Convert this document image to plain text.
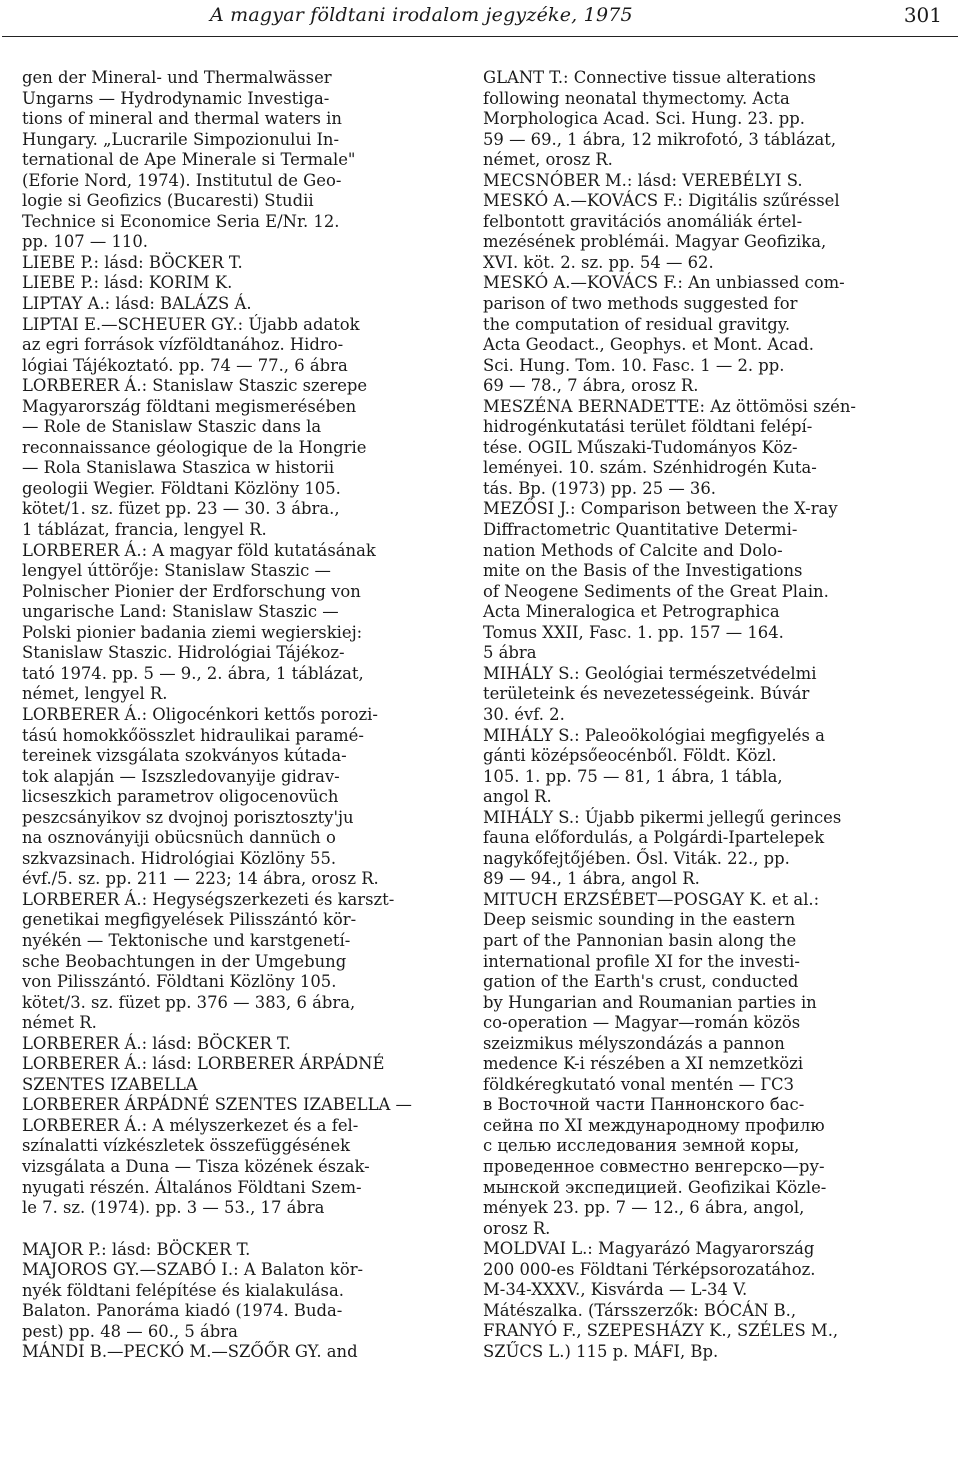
A magyar földtani irodalom jegyzéke, 1975	301
gen der Mineral- und Thermalwässer
Ungarns — Hydrodynamic Investiga-
tions of mineral and thermal waters in
Hungary. „Lucrarile Simpozionului In-
ternational de Ape Minerale si Termale"
(Eforie Nord, 1974). Institutul de Geo-
logie si Geofizics (Bucaresti) Studii
Technice si Economice Seria E/Nr. 12.
pp. 107 — 110.
LIEBE P.: lásd: BÖCKER T.
LIEBE P.: lásd: KORIM K.
LIPTAY A.: lásd: BALÁZS Á.
LIPTAI E.—SCHEUER GY.: Újabb adatok
az egri források vízföldtanához. Hidro-
lógiai Tájékoztató. pp. 74 — 77., 6 ábra
LORBERER Á.: Stanislaw Staszic szerepe
Magyarország földtani megismerésében
— Role de Stanislaw Staszic dans la
reconnaissance géologique de la Hongrie
— Rola Stanislawa Staszica w historii
geologii Wegier. Földtani Közlöny 105.
kötet/1. sz. füzet pp. 23 — 30. 3 ábra.,
1 táblázat, francia, lengyel R.
LORBERER Á.: A magyar föld kutatásának
lengyel úttörője: Stanislaw Staszic —
Polnischer Pionier der Erdforschung von
ungarische Land: Stanislaw Staszic —
Polski pionier badania ziemi wegierskiej:
Stanislaw Staszic. Hidrológiai Tájékoz-
tató 1974. pp. 5 — 9., 2. ábra, 1 táblázat,
német, lengyel R.
LORBERER Á.: Oligocénkori kettős porozi-
tású homokkőösszlet hidraulikai paramé-
tereinek vizsgálata szokványos kútada-
tok alapján — Iszszledovanyije gidrav-
licseszkich parametrov oligocenovüch
peszcsányikov sz dvojnoj porisztoszty'ju
na osznoványiji obücsnüch dannüch o
szkvazsinach. Hidrológiai Közlöny 55.
évf./5. sz. pp. 211 — 223; 14 ábra, orosz R.
LORBERER Á.: Hegységszerkezeti és karszt-
genetikai megfigyelések Pilisszántó kör-
nyékén — Tektonische und karstgenetí-
sche Beobachtungen in der Umgebung
von Pilisszántó. Földtani Közlöny 105.
kötet/3. sz. füzet pp. 376 — 383, 6 ábra,
német R.
LORBERER Á.: lásd: BÖCKER T.
LORBERER Á.: lásd: LORBERER ÁRPÁDNÉ
SZENTES IZABELLA
LORBERER ÁRPÁDNÉ SZENTES IZABELLA —
LORBERER Á.: A mélyszerkezet és a fel-
színalatti vízkészletek összefüggésének
vizsgálata a Duna — Tisza közének észak-
nyugati részén. Általános Földtani Szem-
le 7. sz. (1974). pp. 3 — 53., 17 ábra
MAJOR P.: lásd: BÖCKER T.
MAJOROS GY.—SZABÓ I.: A Balaton kör-
nyék földtani felépítése és kialakulása.
Balaton. Panoráma kiadó (1974. Buda-
pest) pp. 48 — 60., 5 ábra
MÁNDI B.—PECKÓ M.—SZŐŐR GY. and
GLANT T.: Connective tissue alterations
following neonatal thymectomy. Acta
Morphologica Acad. Sci. Hung. 23. pp.
59 — 69., 1 ábra, 12 mikrofotó, 3 táblázat,
német, orosz R.
MECSNÓBER M.: lásd: VEREBÉLYI S.
MESKÓ A.—KOVÁCS F.: Digitális szűréssel
felbontott gravitációs anomáliák értel-
mezésének problémái. Magyar Geofizika,
XVI. köt. 2. sz. pp. 54 — 62.
MESKÓ A.—KOVÁCS F.: An unbiassed com-
parison of two methods suggested for
the computation of residual gravitgy.
Acta Geodact., Geophys. et Mont. Acad.
Sci. Hung. Tom. 10. Fasc. 1 — 2. pp.
69 — 78., 7 ábra, orosz R.
MESZÉNA BERNADETTE: Az öttömösi szén-
hidrogénkutatási terület földtani felépí-
tése. OGIL Műszaki-Tudományos Köz-
leményei. 10. szám. Szénhidrogén Kuta-
tás. Bp. (1973) pp. 25 — 36.
MEZŐSI J.: Comparison between the X-ray
Diffractometric Quantitative Determi-
nation Methods of Calcite and Dolo-
mite on the Basis of the Investigations
of Neogene Sediments of the Great Plain.
Acta Mineralogica et Petrographica
Tomus XXII, Fasc. 1. pp. 157 — 164.
5 ábra
MIHÁLY S.: Geológiai természetvédelmi
területeink és nevezetességeink. Búvár
30. évf. 2.
MIHÁLY S.: Paleoökológiai megfigyelés a
gánti középsőeocénből. Földt. Közl.
105. 1. pp. 75 — 81, 1 ábra, 1 tábla,
angol R.
MIHÁLY S.: Újabb pikermi jellegű gerinces
fauna előfordulás, a Polgárdi-Ipartelepek
nagykőfejtőjében. Ősl. Viták. 22., pp.
89 — 94., 1 ábra, angol R.
MITUCH ERZSÉBET—POSGAY K. et al.:
Deep seismic sounding in the eastern
part of the Pannonian basin along the
international profile XI for the investi-
gation of the Earth's crust, conducted
by Hungarian and Roumanian parties in
co-operation — Magyar—román közös
szeizmikus mélyszondázás a pannon
medence K-i részében a XI nemzetközi
földkéregkutató vonal mentén — ГСЗ
в Восточной части Паннонского бас-
сейна по XI международному профилю
с целью исследования земной коры,
проведенное совместно венгерско—ру-
мынской экспедицией. Geofizikai Közle-
mények 23. pp. 7 — 12., 6 ábra, angol,
orosz R.
MOLDVAI L.: Magyarázó Magyarország
200 000-es Földtani Térképsorozatához.
M-34-XXXV., Kisvárda — L-34 V.
Mátészalka. (Társszerzők: BÓCÁN B.,
FRANYÓ F., SZEPESHÁZY K., SZÉLES M.,
SZŰCS L.) 115 p. MÁFI, Bp.
